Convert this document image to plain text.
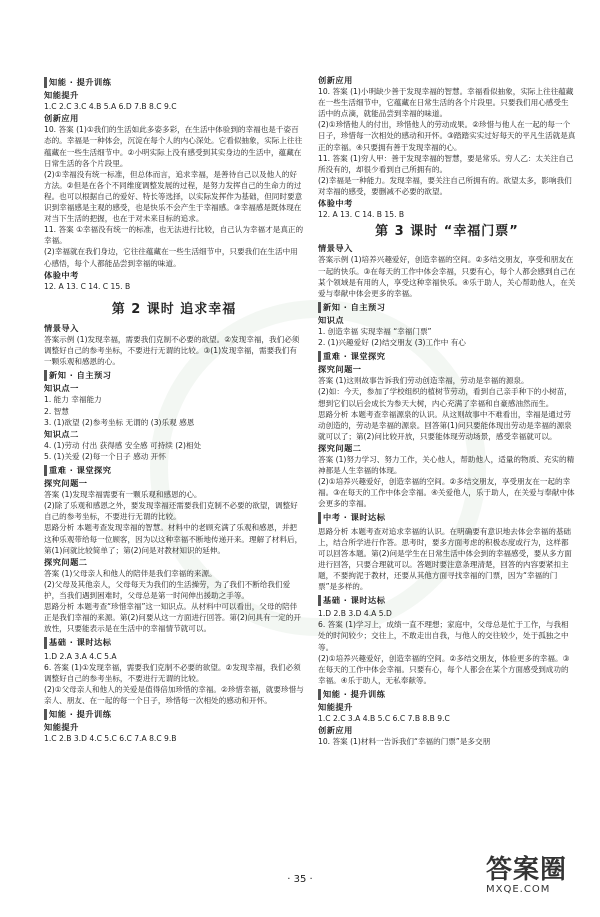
知能 · 提升训练
知能提升

1.C 2.C 3.C 4.B 5.A 6.D 7.B 8.C 9.C

创新应用

10. 答案 (1)①我们的生活如此多姿多彩，在生活中体验到的幸福也是千姿百态的。幸福是一种体会，沉淀在每个人的内心深处。它看似抽象，实际上往往蕴藏在一些生活细节中。②小明实际上没有感受到其实身边的生活中，蕴藏在日常生活的各个片段里。

(2)①幸福没有统一标准，但总体而言，追求幸福，是善待自己以及他人的好方法。②但是在各个不同维度调整发展的过程，是努力发挥自己的生命力的过程。也可以根据自己的爱好、特长等选择，以实际发挥作为基础，但同时要意识到幸福感是主观的感受，也是快乐不会产生于幸福感。③幸福感是既体现在对当下生活的把握，也在于对未来目标的追求。

11. 答案 ①幸福没有统一的标准，也无法进行比较，自己认为幸福才是真正的幸福。

(2)幸福就在我们身边，它往往蕴藏在一些生活细节中，只要我们在生活中用心感悟，每个人都能品尝到幸福的味道。

体验中考

12. A 13. C 14. C 15. B

第 2 课时 追求幸福
情景导入

答案示例 (1)发现幸福，需要我们克制不必要的欲望。②发现幸福，我们必须调整好自己的参考坐标，不要进行无谓的比较。③(1)发现幸福，需要我们有一颗乐观和感恩的心。

新知 · 自主预习
知识点一

1. 能力 幸福能力

2. 智慧

3. (1)欲望 (2)参考坐标 无谓的 (3)乐观 感恩

知识点二

4. (1)劳动 付出 获得感 安全感 可持续 (2)相处

5. (1)关爱 (2)每一个日子 感动 开怀

重难 · 课堂探究
探究问题一

答案 (1)发现幸福需要有一颗乐观和感恩的心。

(2)除了乐观和感恩之外，要发现幸福还需要我们克制不必要的欲望，调整好自己的参考坐标，不要进行无谓的比较。

思路分析 本题考查发现幸福的智慧。材料中的老顾充满了乐观和感恩，并把这种乐观带给每一位顾客，因为以这种幸福不断地传递开来。理解了材料后，第(1)问就比较简单了；第(2)问是对教材知识的延伸。

探究问题二

答案 (1)父母亲人和他人的陪伴是我们幸福的来源。

(2)父母及其他亲人，父母每天为我们的生活操劳，为了我们不断给我们爱护，当我们遇到困难时，父母总是第一时间伸出援助之手等。

思路分析 本题考查“珍惜幸福”这一知识点。从材料中可以看出，父母的陪伴正是我们幸福的来源。第(2)问要从这一方面进行回答。第(2)问具有一定的开放性，只要能表示是在生活中的幸福情节就可以。

基础 · 课时达标

1.D 2.A 3.A 4.C 5.A

6. 答案 (1)①发现幸福，需要我们克制不必要的欲望。②发现幸福，我们必须调整好自己的参考坐标，不要进行无谓的比较。

(2)①父母亲人和他人的关爱是值得倍加珍惜的幸福。②珍惜幸福，就要珍惜与亲人、朋友、在一起的每一个日子，珍惜每一次相处的感动和开怀。

知能 · 提升训练
知能提升

1.C 2.B 3.D 4.C 5.C 6.C 7.A 8.C 9.B

创新应用

10. 答案 (1)小明缺少善于发现幸福的智慧。幸福看似抽象，实际上往往蕴藏在一些生活细节中，它蕴藏在日常生活的各个片段里。只要我们用心感受生活中的点滴，就能品尝到幸福的味道。

(2)①珍惜他人的付出，珍惜他人的劳动成果。②珍惜与他人在一起的每一个日子，珍惜每一次相处的感动和开怀。③踏踏实实过好每天的平凡生活就是真正的幸福。④只要拥有善于发现幸福的心。

11. 答案 (1)穷人甲：善于发现幸福的智慧，要是常乐。穷人乙：太关注自己所没有的，却很少看到自己所拥有的。

(2)幸福是一种能力。发现幸福，要关注自己所拥有的。欲望太多，影响我们对幸福的感受，要删减不必要的欲望。

体验中考

12. A 13. C 14. B 15. B

第 3 课时 “幸福门票”
情景导入

答案示例 (1)培养兴趣爱好，创造幸福的空间。②多结交朋友，享受和朋友在一起的快乐。③在每天的工作中体会幸福，只要有心，每个人都会感到自己在某个领域是有用的人，享受这种幸福快乐。④乐于助人，关心帮助他人，在关爱与奉献中体会更多的幸福。

新知 · 自主预习
知识点

1. 创造幸福 实现幸福 “幸福门票”

2. (1)兴趣爱好 (2)结交朋友 (3)工作中 有心

重难 · 课堂探究
探究问题一

答案 (1)这则故事告诉我们劳动创造幸福，劳动是幸福的源泉。

(2)如：今天，参加了学校组织的植树节劳动，看到自己亲手种下的小树苗，想到它们以后会成长为参天大树，内心充满了幸福和自豪感油然而生。

思路分析 本题考查幸福源泉的认识。从这则故事中不难看出，幸福是通过劳动创造的，劳动是幸福的源泉。回答第(1)问只要能体现出劳动是幸福的源泉就可以了；第(2)问比较开放，只要能体现劳动场景，感受幸福就可以。

探究问题二

答案 (1)努力学习、努力工作，关心他人，帮助他人，适量的物质、充实的精神都是人生幸福的体现。

(2)①培养兴趣爱好，创造幸福的空间。②多结交朋友，享受朋友在一起的幸福。③在每天的工作中体会幸福。④关爱他人，乐于助人，在关爱与奉献中体会更多的幸福。

中考 · 课时达标

思路分析 本题考查对追求幸福的认识。在明确要有意识地去体会幸福的基础上，结合所学进行作答。思考时，要多方面考虑的积极态度或行为，这样都可以回答本题。第(2)问是学生在日常生活中体会到的幸福感受，要从多方面进行回答，只要合理就可以。答题时要注意条理清楚，回答的内容要紧扣主题，不要拘泥于教材，还要从其他方面寻找幸福的门票，因为“幸福的门票”是多样的。

基础 · 课时达标

1.D 2.B 3.D 4.A 5.D

6. 答案 (1)学习上，成绩一直不理想；家庭中，父母总是忙于工作，与我相处的时间较少；交往上，不敢走出自我，与他人的交往较少，处于孤独之中等。

(2)①培养兴趣爱好，创造幸福的空间。②多结交朋友，体验更多的幸福。③在每天的工作中体会幸福。只要有心，每个人都会在某个方面感受到成功的幸福。④乐于助人，无私奉献等。

知能 · 提升训练
知能提升

1.C 2.C 3.A 4.B 5.C 6.C 7.B 8.B 9.C

创新应用

10. 答案 (1)材料一告诉我们“幸福的门票”是多交朋

· 35 ·	答案圈
MXQE.COM
